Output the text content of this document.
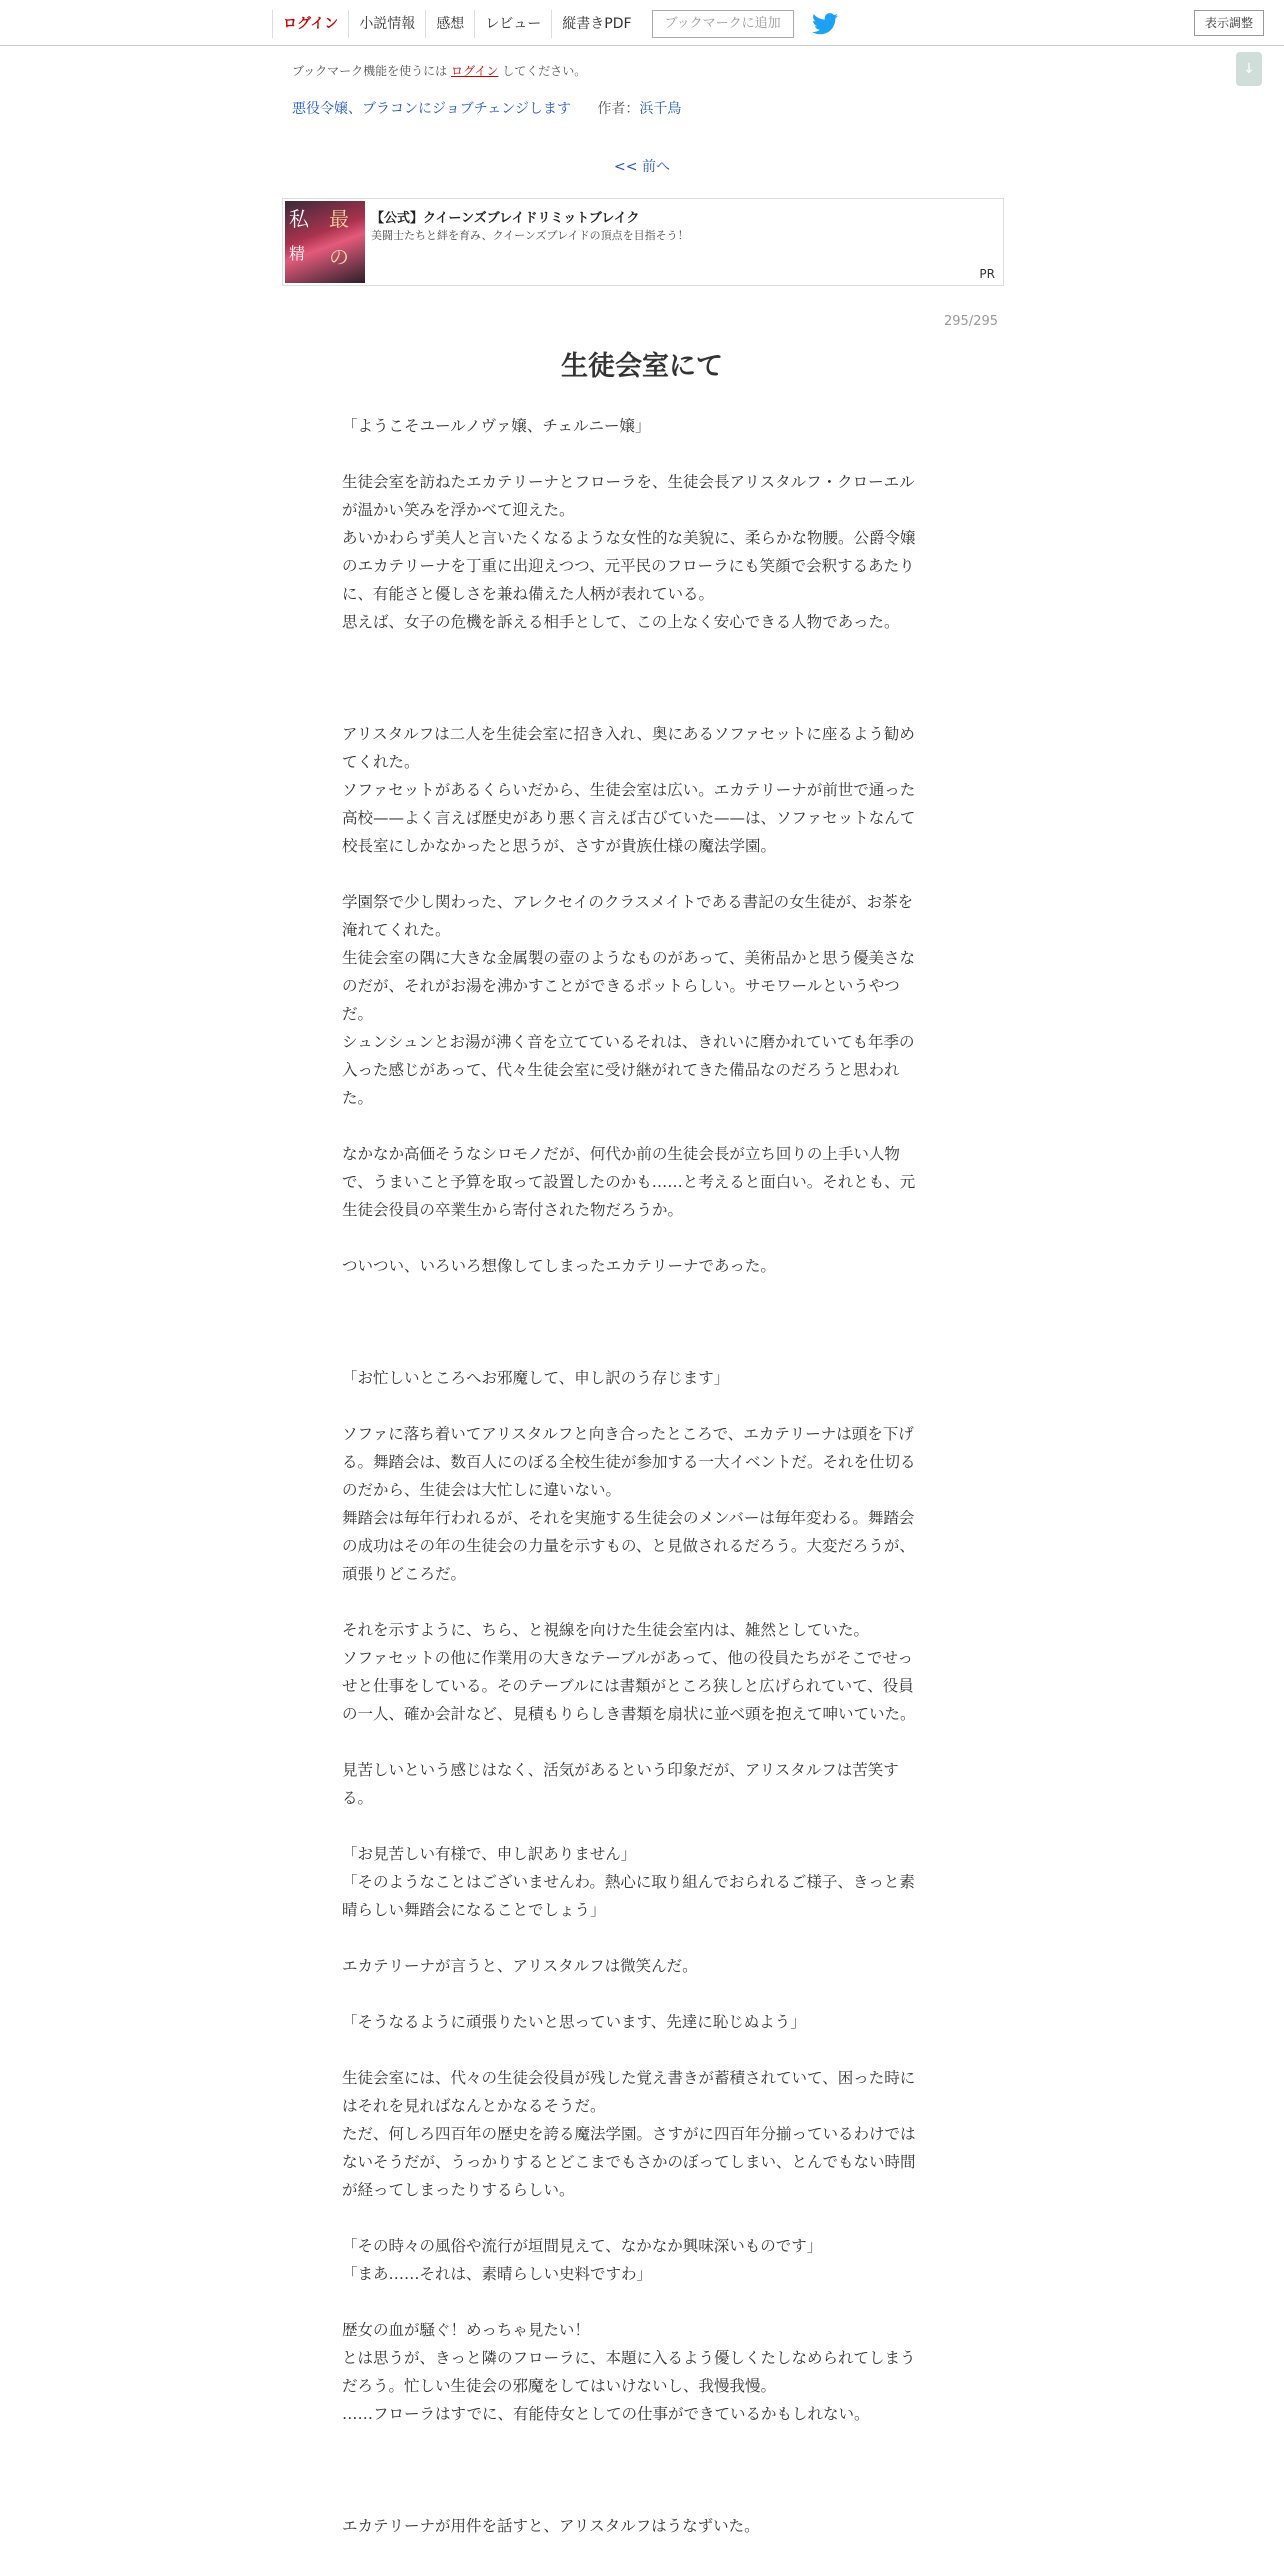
ログイン	小説情報	感想	レビュー	縦書きPDF	ブックマークに追加	表示調整
↓
ブックマーク機能を使うには ログイン してください。
悪役令嬢、ブラコンにジョブチェンジします 作者：浜千鳥
<< 前へ
私 最
精 の
【公式】クイーンズブレイドリミットブレイク
美闘士たちと絆を育み、クイーンズブレイドの頂点を目指そう！
PR
295/295
生徒会室にて

「ようこそユールノヴァ嬢、チェルニー嬢」

生徒会室を訪ねたエカテリーナとフローラを、生徒会長アリスタルフ・クローエル

が温かい笑みを浮かべて迎えた。

あいかわらず美人と言いたくなるような女性的な美貌に、柔らかな物腰。公爵令嬢

のエカテリーナを丁重に出迎えつつ、元平民のフローラにも笑顔で会釈するあたり

に、有能さと優しさを兼ね備えた人柄が表れている。

思えば、女子の危機を訴える相手として、この上なく安心できる人物であった。

アリスタルフは二人を生徒会室に招き入れ、奥にあるソファセットに座るよう勧め

てくれた。

ソファセットがあるくらいだから、生徒会室は広い。エカテリーナが前世で通った

高校——よく言えば歴史があり悪く言えば古びていた——は、ソファセットなんて

校長室にしかなかったと思うが、さすが貴族仕様の魔法学園。

学園祭で少し関わった、アレクセイのクラスメイトである書記の女生徒が、お茶を

淹れてくれた。

生徒会室の隅に大きな金属製の壺のようなものがあって、美術品かと思う優美さな

のだが、それがお湯を沸かすことができるポットらしい。サモワールというやつ

だ。

シュンシュンとお湯が沸く音を立てているそれは、きれいに磨かれていても年季の

入った感じがあって、代々生徒会室に受け継がれてきた備品なのだろうと思われ

た。

なかなか高価そうなシロモノだが、何代か前の生徒会長が立ち回りの上手い人物

で、うまいこと予算を取って設置したのかも……と考えると面白い。それとも、元

生徒会役員の卒業生から寄付された物だろうか。

ついつい、いろいろ想像してしまったエカテリーナであった。

「お忙しいところへお邪魔して、申し訳のう存じます」

ソファに落ち着いてアリスタルフと向き合ったところで、エカテリーナは頭を下げ

る。舞踏会は、数百人にのぼる全校生徒が参加する一大イベントだ。それを仕切る

のだから、生徒会は大忙しに違いない。

舞踏会は毎年行われるが、それを実施する生徒会のメンバーは毎年変わる。舞踏会

の成功はその年の生徒会の力量を示すもの、と見做されるだろう。大変だろうが、

頑張りどころだ。

それを示すように、ちら、と視線を向けた生徒会室内は、雑然としていた。

ソファセットの他に作業用の大きなテーブルがあって、他の役員たちがそこでせっ

せと仕事をしている。そのテーブルには書類がところ狭しと広げられていて、役員

の一人、確か会計など、見積もりらしき書類を扇状に並べ頭を抱えて呻いていた。

見苦しいという感じはなく、活気があるという印象だが、アリスタルフは苦笑す

る。

「お見苦しい有様で、申し訳ありません」

「そのようなことはございませんわ。熱心に取り組んでおられるご様子、きっと素

晴らしい舞踏会になることでしょう」

エカテリーナが言うと、アリスタルフは微笑んだ。

「そうなるように頑張りたいと思っています、先達に恥じぬよう」

生徒会室には、代々の生徒会役員が残した覚え書きが蓄積されていて、困った時に

はそれを見ればなんとかなるそうだ。

ただ、何しろ四百年の歴史を誇る魔法学園。さすがに四百年分揃っているわけでは

ないそうだが、うっかりするとどこまでもさかのぼってしまい、とんでもない時間

が経ってしまったりするらしい。

「その時々の風俗や流行が垣間見えて、なかなか興味深いものです」

「まあ……それは、素晴らしい史料ですわ」

歴女の血が騒ぐ！めっちゃ見たい！

とは思うが、きっと隣のフローラに、本題に入るよう優しくたしなめられてしまう

だろう。忙しい生徒会の邪魔をしてはいけないし、我慢我慢。

……フローラはすでに、有能侍女としての仕事ができているかもしれない。

エカテリーナが用件を話すと、アリスタルフはうなずいた。
